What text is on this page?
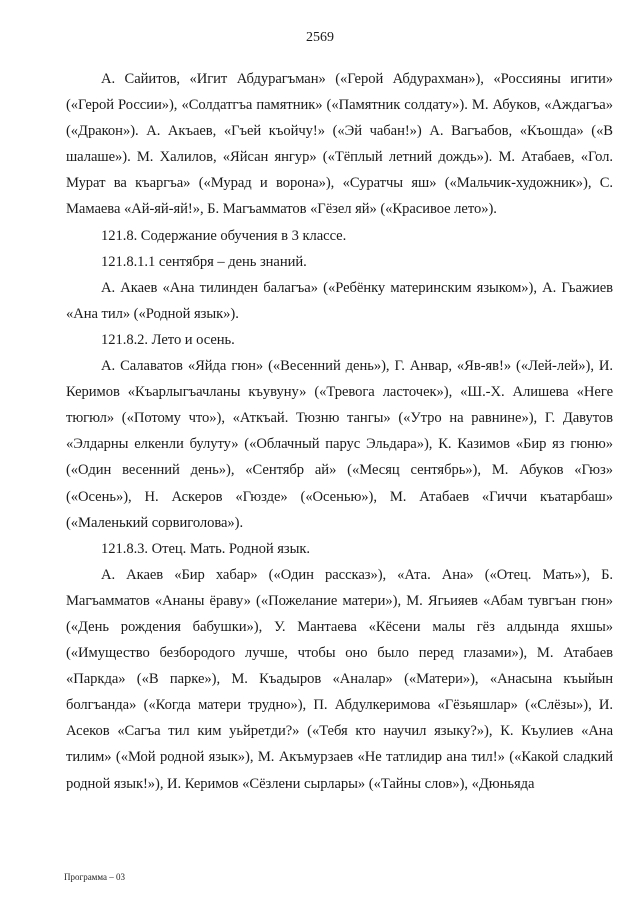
2569

А. Сайитов, «Игит Абдурагъман» («Герой Абдурахман»), «Россияны игити» («Герой России»), «Солдатгъа памятник» («Памятник солдату»). М. Абуков, «Аждагъа» («Дракон»). А. Акъаев, «Гъей къойчу!» («Эй чабан!») А. Вагъабов, «Къошда» («В шалаше»). М. Халилов, «Яйсан янгур» («Тёплый летний дождь»). М. Атабаев, «Гол. Мурат ва къаргъа» («Мурад и ворона»), «Суратчы яш» («Мальчик-художник»), С. Мамаева «Ай-яй-яй!», Б. Магъамматов «Гёзел яй» («Красивое лето»).

121.8. Содержание обучения в 3 классе.

121.8.1.1 сентября – день знаний.

А. Акаев «Ана тилинден балагъа» («Ребёнку материнским языком»), А. Гьажиев «Ана тил» («Родной язык»).

121.8.2. Лето и осень.

А. Салаватов «Яйда гюн» («Весенний день»), Г. Анвар, «Яв-яв!» («Лей-лей»), И. Керимов «Къарлыгъачланы къувуну» («Тревога ласточек»), «Ш.-Х. Алишева «Неге тюгюл» («Потому что»), «Аткъай. Тюзню тангы» («Утро на равнине»), Г. Давутов «Элдарны елкенли булуту» («Облачный парус Эльдара»), К. Казимов «Бир яз гюню» («Один весенний день»), «Сентябр ай» («Месяц сентябрь»), М. Абуков «Гюз» («Осень»), Н. Аскеров «Гюзде» («Осенью»), М. Атабаев «Гиччи къатарбаш» («Маленький сорвиголова»).

121.8.3. Отец. Мать. Родной язык.

А. Акаев «Бир хабар» («Один рассказ»), «Ата. Ана» («Отец. Мать»), Б. Магъамматов «Ананы ёраву» («Пожелание матери»), М. Ягьияев «Абам тувгъан гюн» («День рождения бабушки»), У. Мантаева «Кёсени малы гёз алдында яхшы» («Имущество безбородого лучше, чтобы оно было перед глазами»), М. Атабаев «Паркда» («В парке»), М. Къадыров «Аналар» («Матери»), «Анасына къыйын болгъанда» («Когда матери трудно»), П. Абдулкеримова «Гёзьяшлар» («Слёзы»), И. Асеков «Сагъа тил ким уьйретди?» («Тебя кто научил языку?»), К. Къулиев «Ана тилим» («Мой родной язык»), М. Акъмурзаев «Не татлидир ана тил!» («Какой сладкий родной язык!»), И. Керимов «Сёзлени сырлары» («Тайны слов»), «Дюньяда

Программа – 03
